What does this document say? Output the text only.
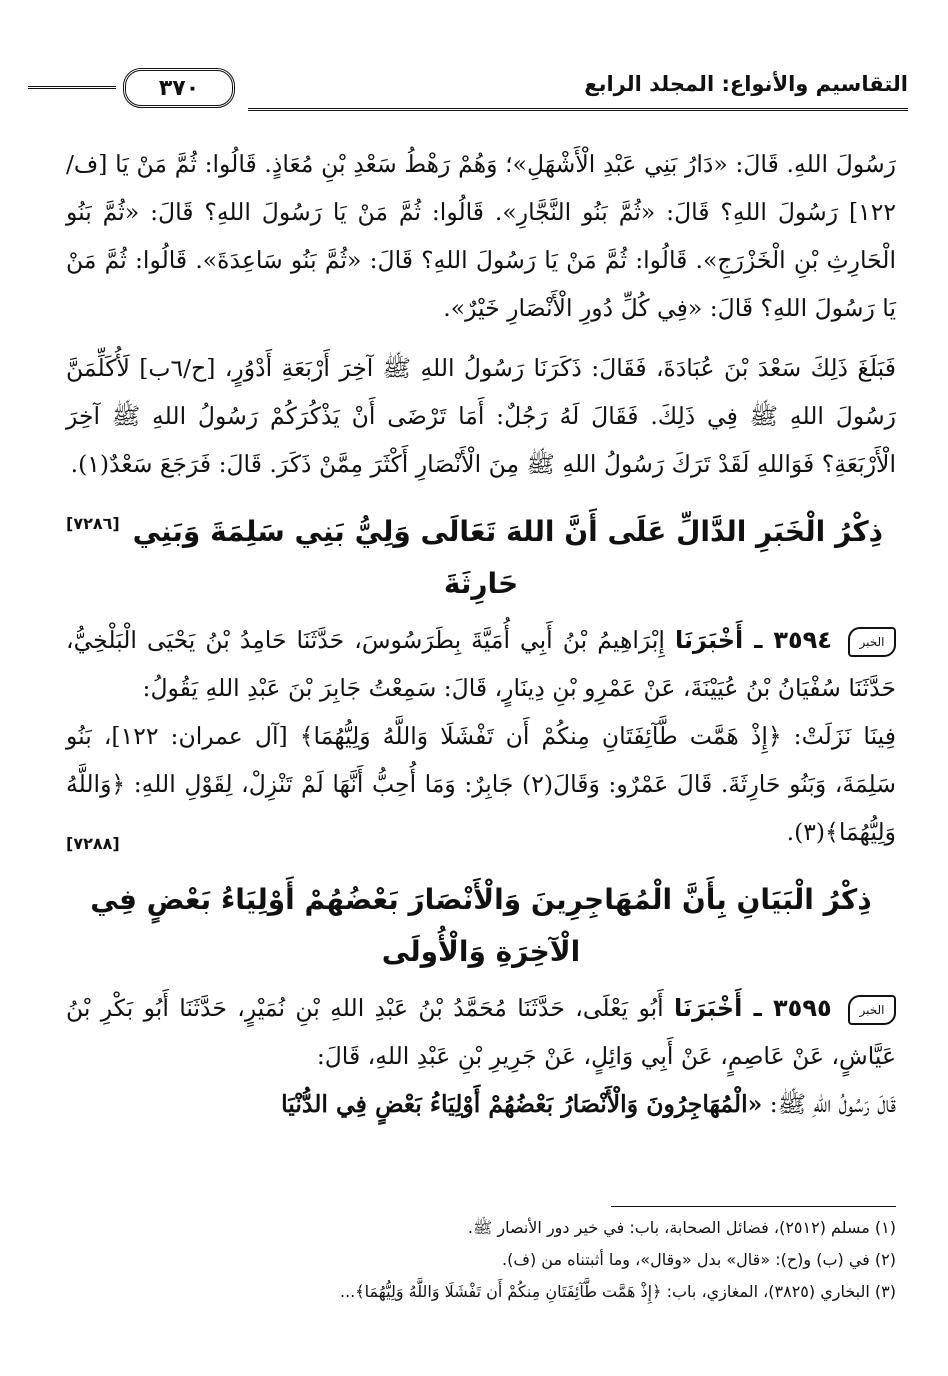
التقاسيم والأنواع: المجلد الرابع
٣٧٠

رَسُولَ اللهِ. قَالَ: «دَارُ بَنِي عَبْدِ الْأَشْهَلِ»؛ وَهُمْ رَهْطُ سَعْدِ بْنِ مُعَاذٍ. قَالُوا: ثُمَّ مَنْ يَا [ف/١٢٢] رَسُولَ اللهِ؟ قَالَ: «ثُمَّ بَنُو النَّجَّارِ». قَالُوا: ثُمَّ مَنْ يَا رَسُولَ اللهِ؟ قَالَ: «ثُمَّ بَنُو الْحَارِثِ بْنِ الْخَزْرَجِ». قَالُوا: ثُمَّ مَنْ يَا رَسُولَ اللهِ؟ قَالَ: «ثُمَّ بَنُو سَاعِدَةَ». قَالُوا: ثُمَّ مَنْ يَا رَسُولَ اللهِ؟ قَالَ: «فِي كُلِّ دُورِ الْأَنْصَارِ خَيْرٌ».

فَبَلَغَ ذَلِكَ سَعْدَ بْنَ عُبَادَةَ، فَقَالَ: ذَكَرَنَا رَسُولُ اللهِ ﷺ آخِرَ أَرْبَعَةِ أَدْوُرٍ، [ح/٦ب] لَأُكَلِّمَنَّ رَسُولَ اللهِ ﷺ فِي ذَلِكَ. فَقَالَ لَهُ رَجُلٌ: أَمَا تَرْضَى أَنْ يَذْكُرَكُمْ رَسُولُ اللهِ ﷺ آخِرَ الْأَرْبَعَةِ؟ فَوَاللهِ لَقَدْ تَرَكَ رَسُولُ اللهِ ﷺ مِنَ الْأَنْصَارِ أَكْثَرَ مِمَّنْ ذَكَرَ. قَالَ: فَرَجَعَ سَعْدٌ(١).
[٧٢٨٦] ذِكْرُ الْخَبَرِ الدَّالِّ عَلَى أَنَّ اللهَ تَعَالَى وَلِيُّ بَنِي سَلِمَةَ وَبَنِي حَارِثَةَ

الخبر ٣٥٩٤ ـ أَخْبَرَنَا إِبْرَاهِيمُ بْنُ أَبِي أُمَيَّةَ بِطَرَسُوسَ، حَدَّثَنَا حَامِدُ بْنُ يَحْيَى الْبَلْخِيُّ، حَدَّثَنَا سُفْيَانُ بْنُ عُيَيْنَةَ، عَنْ عَمْرِو بْنِ دِينَارٍ، قَالَ: سَمِعْتُ جَابِرَ بْنَ عَبْدِ اللهِ يَقُولُ:

فِينَا نَزَلَتْ: ﴿إِذْ هَمَّت طَّآئِفَتَانِ مِنكُمْ أَن تَفْشَلَا وَاللَّهُ وَلِيُّهُمَا﴾ [آل عمران: ١٢٢]، بَنُو سَلِمَةَ، وَبَنُو حَارِثَةَ. قَالَ عَمْرٌو: وَقَالَ(٢) جَابِرٌ: وَمَا أُحِبُّ أَنَّهَا لَمْ تَنْزِلْ، لِقَوْلِ اللهِ: ﴿وَاللَّهُ وَلِيُّهُمَا﴾(٣).
[٧٢٨٨]

ذِكْرُ الْبَيَانِ بِأَنَّ الْمُهَاجِرِينَ وَالْأَنْصَارَ بَعْضُهُمْ أَوْلِيَاءُ بَعْضٍ فِي الْآخِرَةِ وَالْأُولَى

الخبر ٣٥٩٥ ـ أَخْبَرَنَا أَبُو يَعْلَى، حَدَّثَنَا مُحَمَّدُ بْنُ عَبْدِ اللهِ بْنِ نُمَيْرٍ، حَدَّثَنَا أَبُو بَكْرِ بْنُ عَيَّاشٍ، عَنْ عَاصِمٍ، عَنْ أَبِي وَائِلٍ، عَنْ جَرِيرِ بْنِ عَبْدِ اللهِ، قَالَ:

قَالَ رَسُولُ اللهِ ﷺ: «الْمُهَاجِرُونَ وَالْأَنْصَارُ بَعْضُهُمْ أَوْلِيَاءُ بَعْضٍ فِي الدُّنْيَا

(١) مسلم (٢٥١٢)، فضائل الصحابة، باب: في خير دور الأنصار ﷺ.

(٢) في (ب) و(ح): «قال» بدل «وقال»، وما أثبتناه من (ف).

(٣) البخاري (٣٨٢٥)، المغازي، باب: ﴿إِذْ هَمَّت طَّآئِفَتَانِ مِنكُمْ أَن تَفْشَلَا وَاللَّهُ وَلِيُّهُمَا﴾...
